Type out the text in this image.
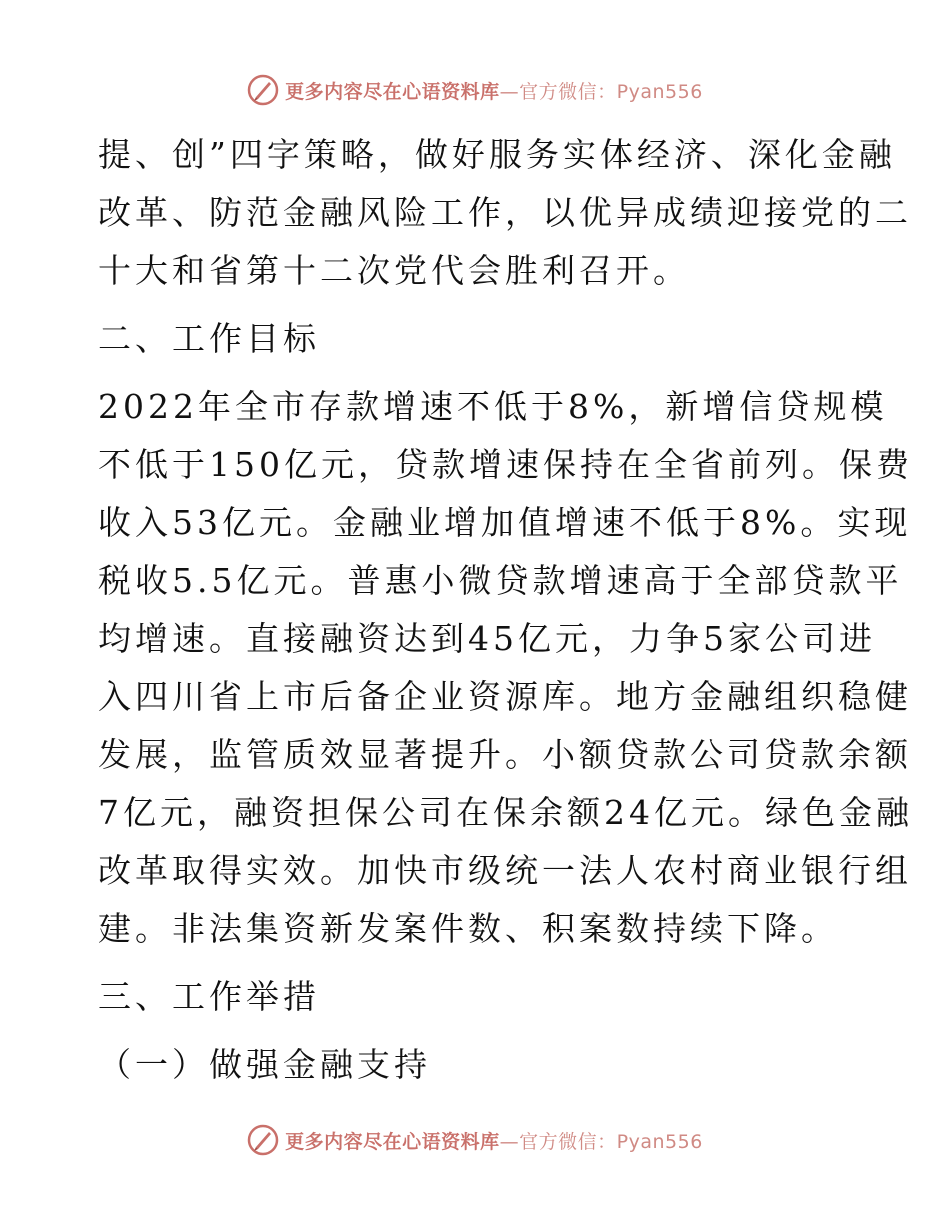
更多内容尽在心语资料库—官方微信：Pyan556
提、创”四字策略，做好服务实体经济、深化金融
改革、防范金融风险工作，以优异成绩迎接党的二
十大和省第十二次党代会胜利召开。
二、工作目标
2022年全市存款增速不低于8%，新增信贷规模
不低于150亿元，贷款增速保持在全省前列。保费
收入53亿元。金融业增加值增速不低于8%。实现
税收5.5亿元。普惠小微贷款增速高于全部贷款平
均增速。直接融资达到45亿元，力争5家公司进
入四川省上市后备企业资源库。地方金融组织稳健
发展，监管质效显著提升。小额贷款公司贷款余额
7亿元，融资担保公司在保余额24亿元。绿色金融
改革取得实效。加快市级统一法人农村商业银行组
建。非法集资新发案件数、积案数持续下降。
三、工作举措
（一）做强金融支持
更多内容尽在心语资料库—官方微信：Pyan556
